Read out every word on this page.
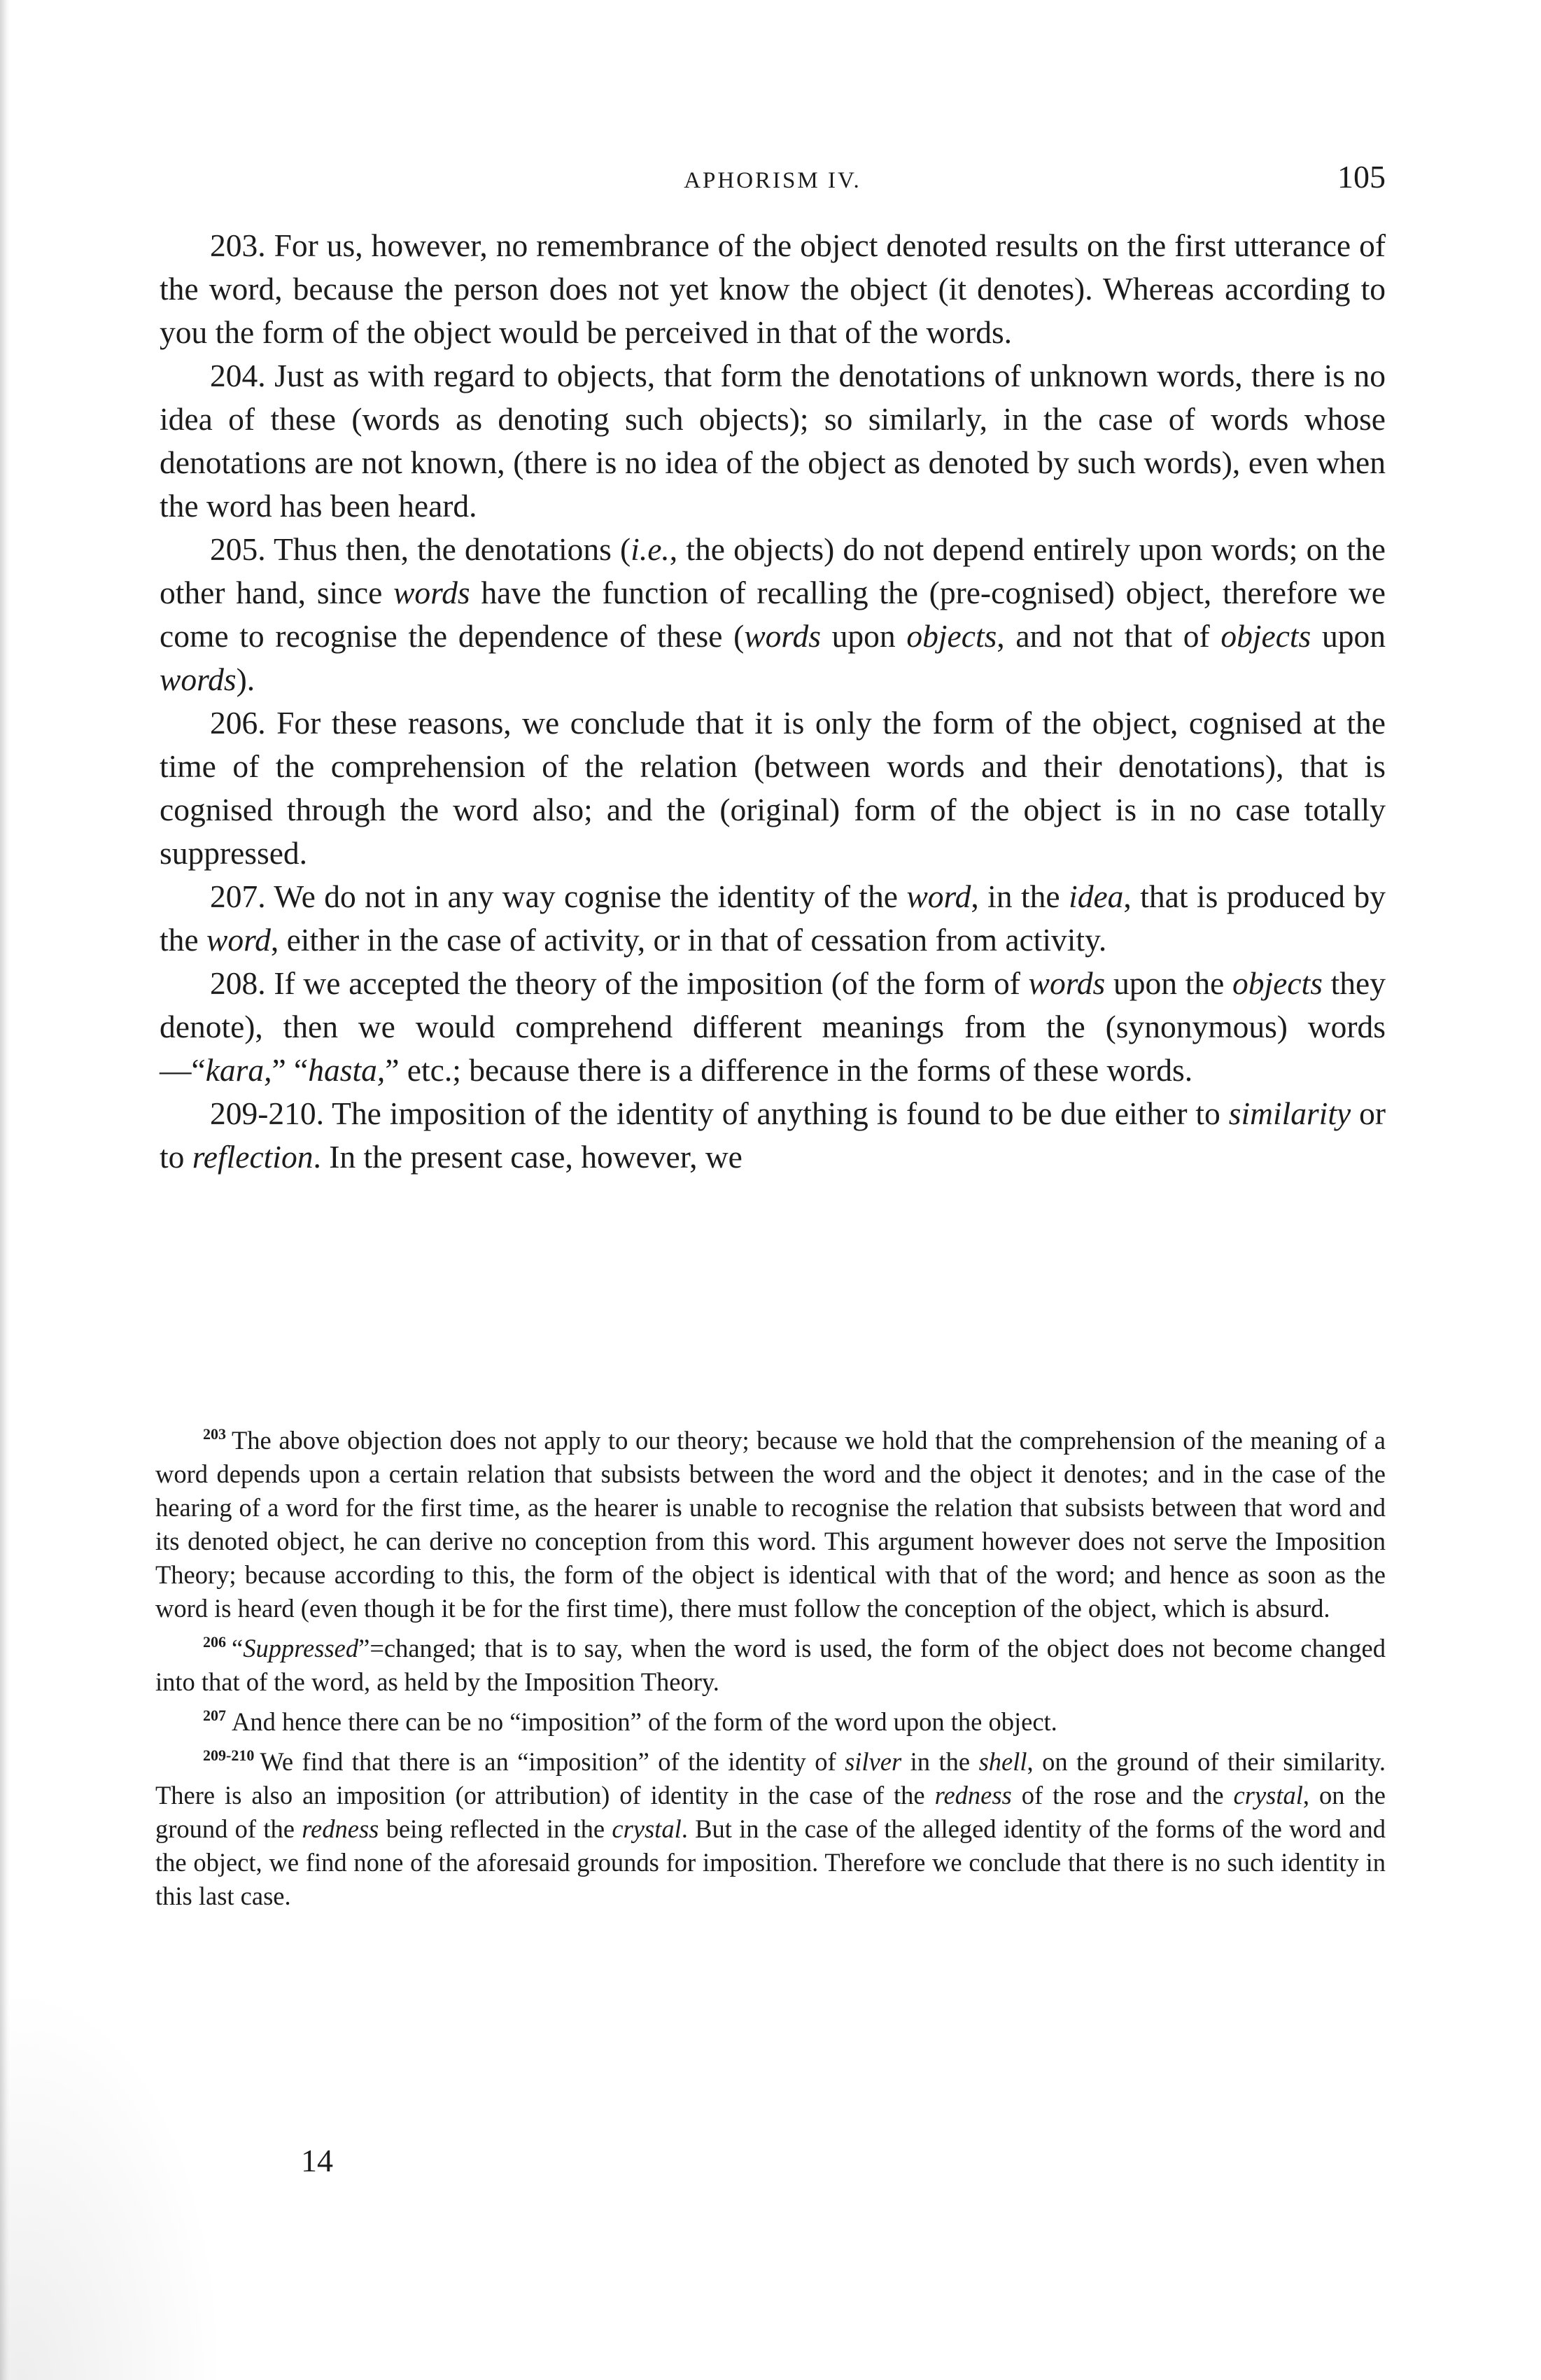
APHORISM IV.	105

203. For us, however, no remembrance of the object denoted results on the first utterance of the word, because the person does not yet know the object (it denotes). Whereas according to you the form of the object would be perceived in that of the words.

204. Just as with regard to objects, that form the denotations of unknown words, there is no idea of these (words as denoting such objects); so similarly, in the case of words whose denotations are not known, (there is no idea of the object as denoted by such words), even when the word has been heard.

205. Thus then, the denotations (i.e., the objects) do not depend entirely upon words; on the other hand, since words have the function of recalling the (pre-cognised) object, therefore we come to recognise the dependence of these (words upon objects, and not that of objects upon words).

206. For these reasons, we conclude that it is only the form of the object, cognised at the time of the comprehension of the relation (between words and their denotations), that is cognised through the word also; and the (original) form of the object is in no case totally suppressed.

207. We do not in any way cognise the identity of the word, in the idea, that is produced by the word, either in the case of activity, or in that of cessation from activity.

208. If we accepted the theory of the imposition (of the form of words upon the objects they denote), then we would comprehend different meanings from the (synonymous) words—“kara,” “hasta,” etc.; because there is a difference in the forms of these words.

209-210. The imposition of the identity of anything is found to be due either to similarity or to reflection. In the present case, however, we

$^{203}$ The above objection does not apply to our theory; because we hold that the comprehension of the meaning of a word depends upon a certain relation that subsists between the word and the object it denotes; and in the case of the hearing of a word for the first time, as the hearer is unable to recognise the relation that subsists between that word and its denoted object, he can derive no conception from this word. This argument however does not serve the Imposition Theory; because according to this, the form of the object is identical with that of the word; and hence as soon as the word is heard (even though it be for the first time), there must follow the conception of the object, which is absurd.

$^{206}$ “Suppressed”=changed; that is to say, when the word is used, the form of the object does not become changed into that of the word, as held by the Imposition Theory.

$^{207}$ And hence there can be no “imposition” of the form of the word upon the object.

$^{209-210}$ We find that there is an “imposition” of the identity of silver in the shell, on the ground of their similarity. There is also an imposition (or attribution) of identity in the case of the redness of the rose and the crystal, on the ground of the redness being reflected in the crystal. But in the case of the alleged identity of the forms of the word and the object, we find none of the aforesaid grounds for imposition. Therefore we conclude that there is no such identity in this last case.

14
